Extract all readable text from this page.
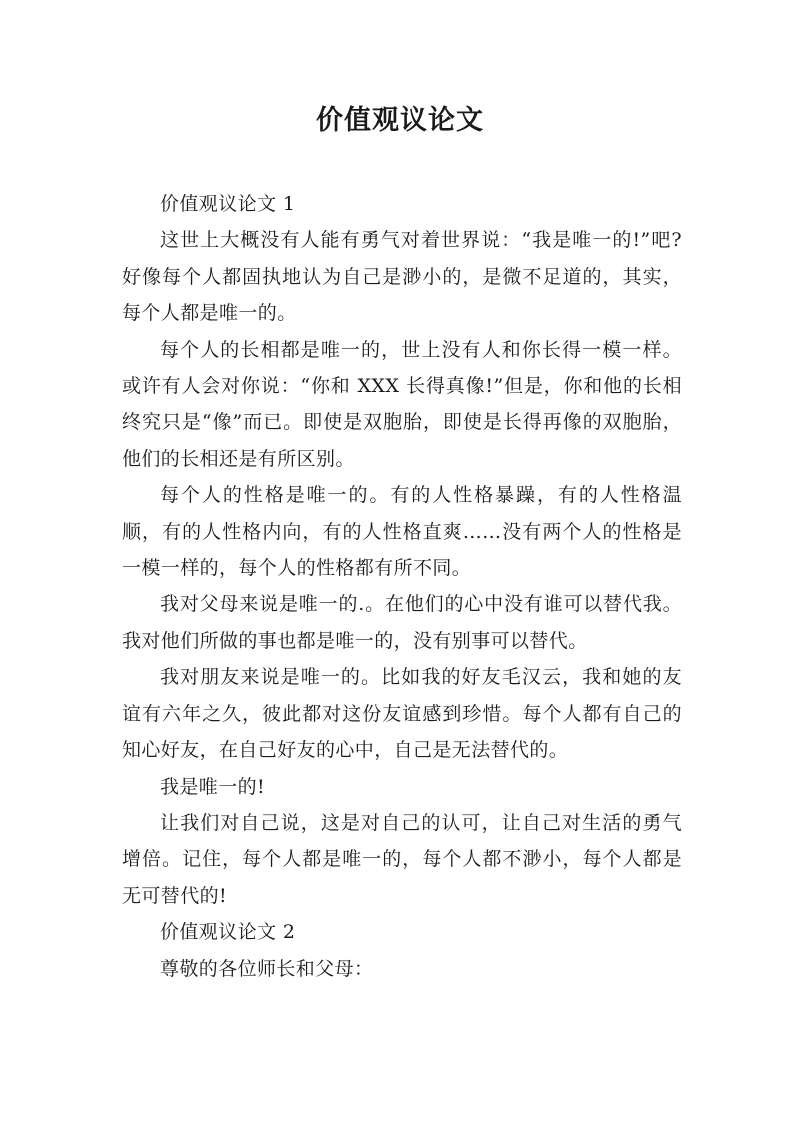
价值观议论文

价值观议论文 1

这世上大概没有人能有勇气对着世界说：“我是唯一的!”吧?好像每个人都固执地认为自己是渺小的，是微不足道的，其实，每个人都是唯一的。

每个人的长相都是唯一的，世上没有人和你长得一模一样。或许有人会对你说：“你和 XXX 长得真像!”但是，你和他的长相终究只是“像”而已。即使是双胞胎，即使是长得再像的双胞胎，他们的长相还是有所区别。

每个人的性格是唯一的。有的人性格暴躁，有的人性格温顺，有的人性格内向，有的人性格直爽……没有两个人的性格是一模一样的，每个人的性格都有所不同。

我对父母来说是唯一的.。在他们的心中没有谁可以替代我。我对他们所做的事也都是唯一的，没有别事可以替代。

我对朋友来说是唯一的。比如我的好友毛汉云，我和她的友谊有六年之久，彼此都对这份友谊感到珍惜。每个人都有自己的知心好友，在自己好友的心中，自己是无法替代的。

我是唯一的!

让我们对自己说，这是对自己的认可，让自己对生活的勇气增倍。记住，每个人都是唯一的，每个人都不渺小，每个人都是无可替代的!

价值观议论文 2

尊敬的各位师长和父母：
